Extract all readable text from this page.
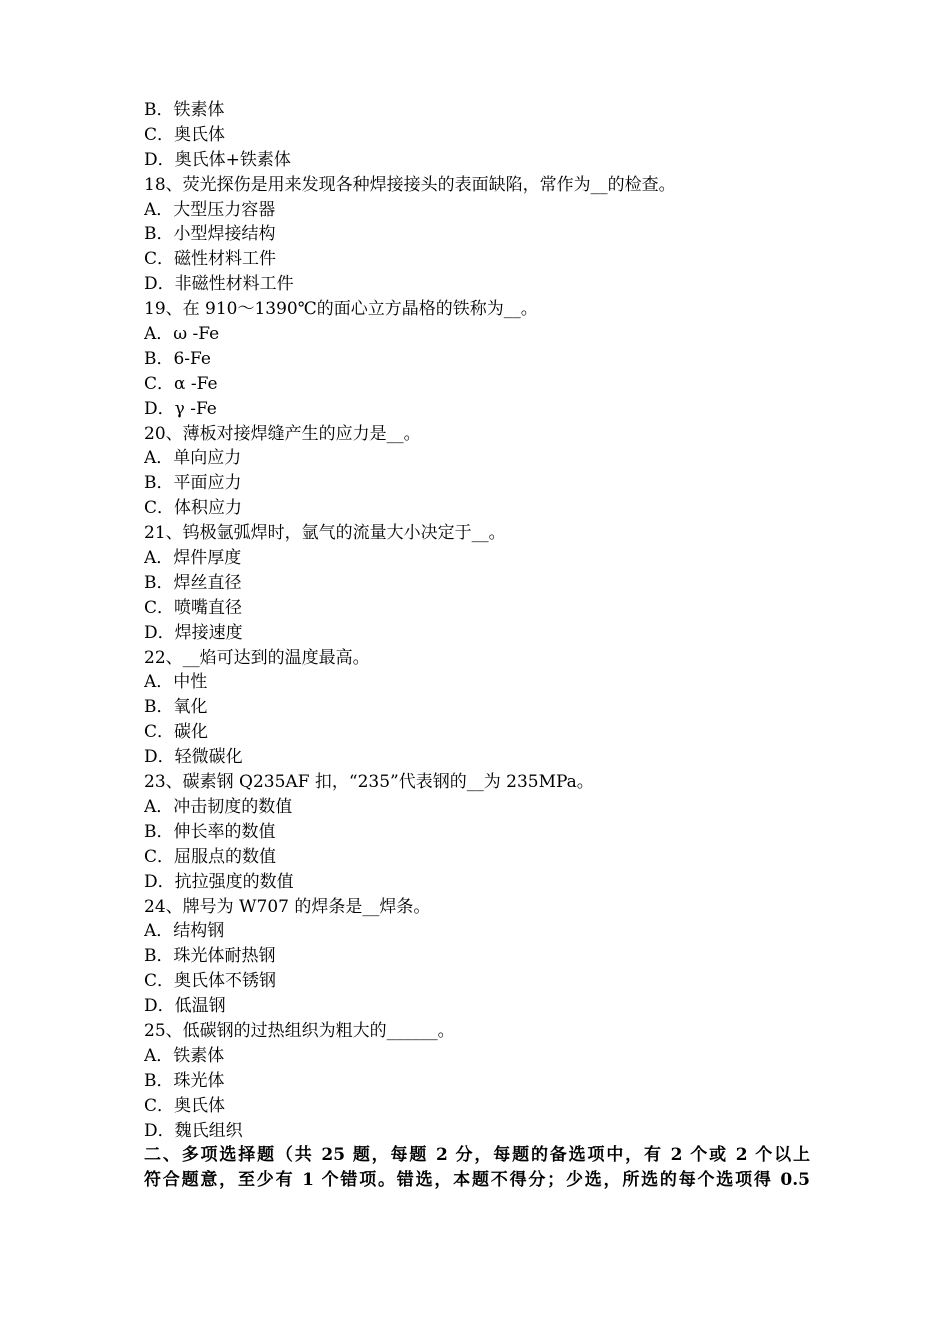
B．铁素体
C．奥氏体
D．奥氏体+铁素体
18、荧光探伤是用来发现各种焊接接头的表面缺陷，常作为__的检查。
A．大型压力容器
B．小型焊接结构
C．磁性材料工件
D．非磁性材料工件
19、在 910～1390℃的面心立方晶格的铁称为__。
A．ω -Fe
B．6-Fe
C．α -Fe
D．γ -Fe
20、薄板对接焊缝产生的应力是__。
A．单向应力
B．平面应力
C．体积应力
21、钨极氩弧焊时，氩气的流量大小决定于__。
A．焊件厚度
B．焊丝直径
C．喷嘴直径
D．焊接速度
22、__焰可达到的温度最高。
A．中性
B．氧化
C．碳化
D．轻微碳化
23、碳素钢 Q235AF 扣，“235”代表钢的__为 235MPa。
A．冲击韧度的数值
B．伸长率的数值
C．屈服点的数值
D．抗拉强度的数值
24、牌号为 W707 的焊条是__焊条。
A．结构钢
B．珠光体耐热钢
C．奥氏体不锈钢
D．低温钢
25、低碳钢的过热组织为粗大的______。
A．铁素体
B．珠光体
C．奥氏体
D．魏氏组织
二、多项选择题（共 25 题，每题 2 分，每题的备选项中，有 2 个或 2 个以上
符合题意，至少有 1 个错项。错选，本题不得分；少选，所选的每个选项得 0.5
